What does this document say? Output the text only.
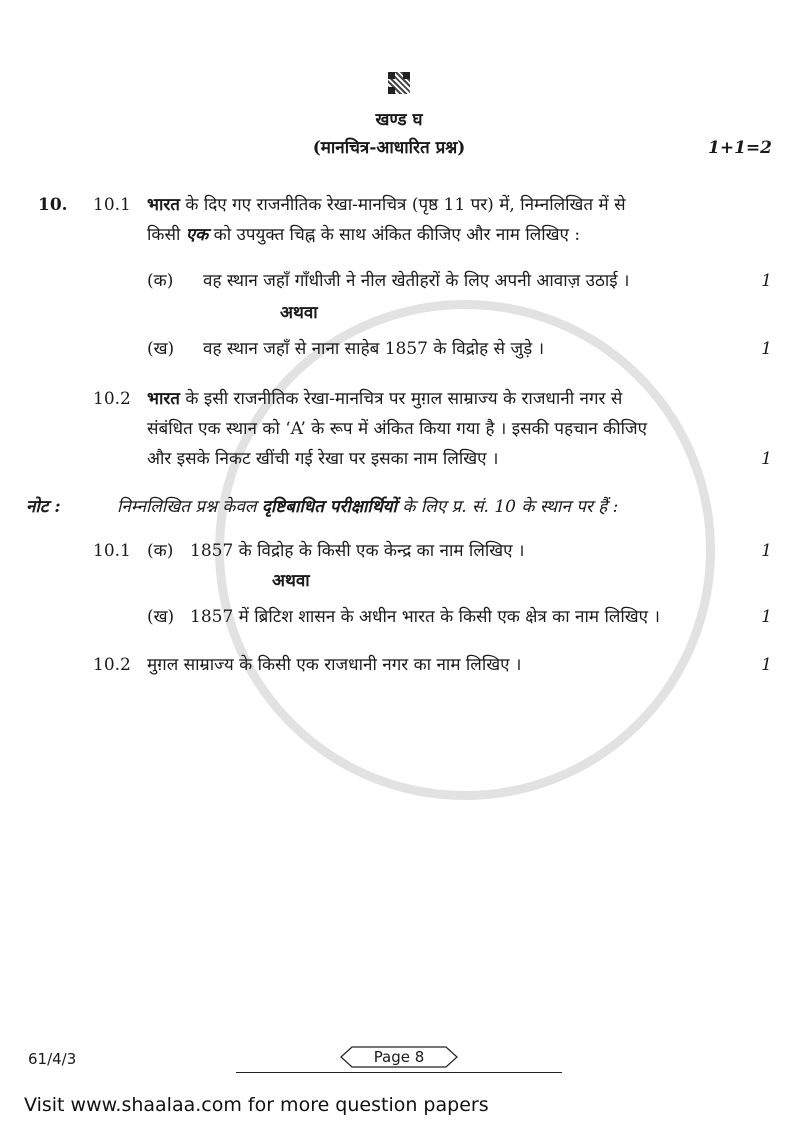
खण्ड घ
(मानचित्र-आधारित प्रश्न)	1+1=2
10.	10.1 भारत के दिए गए राजनीतिक रेखा-मानचित्र (पृष्ठ 11 पर) में, निम्नलिखित में से
किसी एक को उपयुक्त चिह्न के साथ अंकित कीजिए और नाम लिखिए :
(क)	वह स्थान जहाँ गाँधीजी ने नील खेतीहरों के लिए अपनी आवाज़ उठाई ।	1
अथवा
(ख)	वह स्थान जहाँ से नाना साहेब 1857 के विद्रोह से जुड़े ।	1
10.2 भारत के इसी राजनीतिक रेखा-मानचित्र पर मुग़ल साम्राज्य के राजधानी नगर से
संबंधित एक स्थान को ‘A’ के रूप में अंकित किया गया है । इसकी पहचान कीजिए
और इसके निकट खींची गई रेखा पर इसका नाम लिखिए ।	1
नोट :	निम्नलिखित प्रश्न केवल दृष्टिबाधित परीक्षार्थियों के लिए प्र. सं. 10 के स्थान पर हैं :
10.1 (क) 1857 के विद्रोह के किसी एक केन्द्र का नाम लिखिए ।	1
अथवा
(ख) 1857 में ब्रिटिश शासन के अधीन भारत के किसी एक क्षेत्र का नाम लिखिए ।	1
10.2 मुग़ल साम्राज्य के किसी एक राजधानी नगर का नाम लिखिए ।	1
61/4/3	Page 8
Visit www.shaalaa.com for more question papers
